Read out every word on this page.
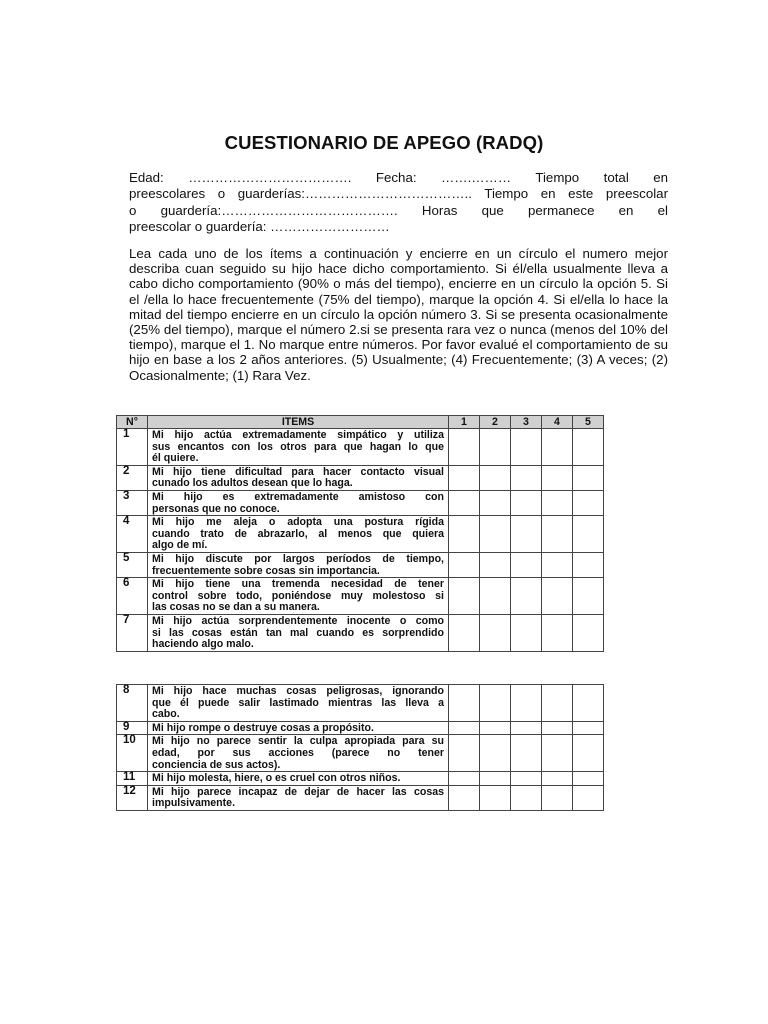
CUESTIONARIO DE APEGO (RADQ)
Edad: ………………………………. Fecha: …….……… Tiempo total en
preescolares o guarderías:……………………………….. Tiempo en este preescolar
o guardería:…………………………………. Horas que permanece en el
preescolar o guardería: ………………………
Lea cada uno de los ítems a continuación y encierre en un círculo el numero mejor describa cuan seguido su hijo hace dicho comportamiento. Si él/ella usualmente lleva a cabo dicho comportamiento (90% o más del tiempo), encierre en un círculo la opción 5. Si el /ella lo hace frecuentemente (75% del tiempo), marque la opción 4. Si el/ella lo hace la mitad del tiempo encierre en un círculo la opción número 3. Si se presenta ocasionalmente (25% del tiempo), marque el número 2.si se presenta rara vez o nunca (menos del 10% del tiempo), marque el 1. No marque entre números. Por favor evalué el comportamiento de su hijo en base a los 2 años anteriores. (5) Usualmente; (4) Frecuentemente; (3) A veces; (2) Ocasionalmente; (1) Rara Vez.
N°	ITEMS	1	2	3	4	5
1	Mi hijo actúa extremadamente simpático y utiliza
sus encantos con los otros para que hagan lo que
él quiere.					

2	Mi hijo tiene dificultad para hacer contacto visual
cunado los adultos desean que lo haga.					

3	Mi hijo es extremadamente amistoso con
personas que no conoce.					

4	Mi hijo me aleja o adopta una postura rígida
cuando trato de abrazarlo, al menos que quiera
algo de mí.					

5	Mi hijo discute por largos períodos de tiempo,
frecuentemente sobre cosas sin importancia.					

6	Mi hijo tiene una tremenda necesidad de tener
control sobre todo, poniéndose muy molestoso si
las cosas no se dan a su manera.					

7	Mi hijo actúa sorprendentemente inocente o como
si las cosas están tan mal cuando es sorprendido
haciendo algo malo.					

8	Mi hijo hace muchas cosas peligrosas, ignorando
que él puede salir lastimado mientras las lleva a
cabo.					

9	Mi hijo rompe o destruye cosas a propósito.					

10	Mi hijo no parece sentir la culpa apropiada para su
edad, por sus acciones (parece no tener
conciencia de sus actos).					

11	Mi hijo molesta, hiere, o es cruel con otros niños.					

12	Mi hijo parece incapaz de dejar de hacer las cosas
impulsivamente.					
